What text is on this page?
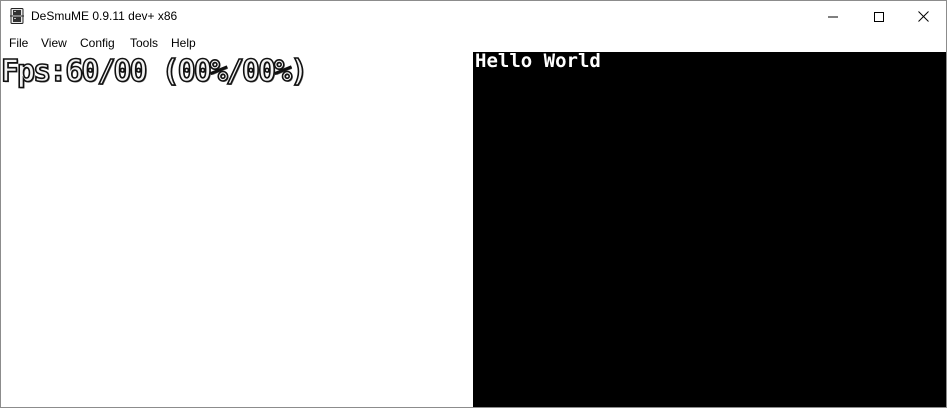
DeSmuME 0.9.11 dev+ x86
File View Config Tools Help
Fps:60/00 (00%/00%)	Hello World
